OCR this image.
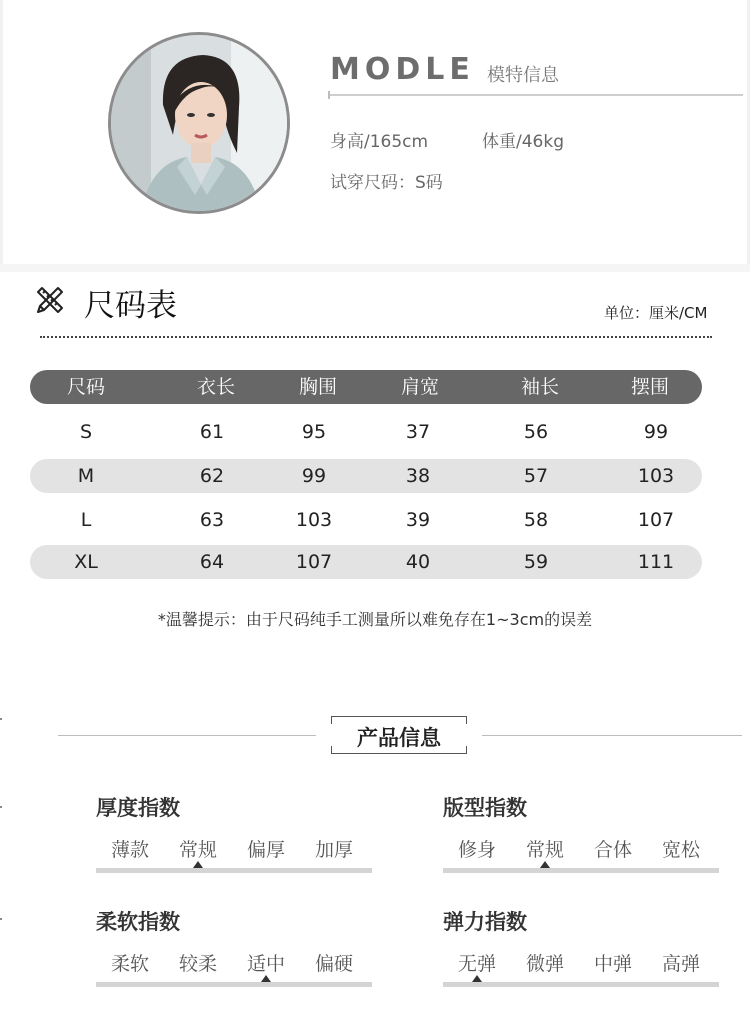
MODLE 模特信息
身高/165cm	体重/46kg
试穿尺码：S码
尺码表	单位：厘米/CM
尺码	衣长	胸围	肩宽	袖长	摆围
S	61	95	37	56	99
M	62	99	38	57	103
L	63	103	39	58	107
XL	64	107	40	59	111
*温馨提示：由于尺码纯手工测量所以难免存在1~3cm的误差
产品信息
厚度指数
薄款	常规	偏厚	加厚
版型指数
修身	常规	合体	宽松
柔软指数
柔软	较柔	适中	偏硬
弹力指数
无弹	微弹	中弹	高弹
